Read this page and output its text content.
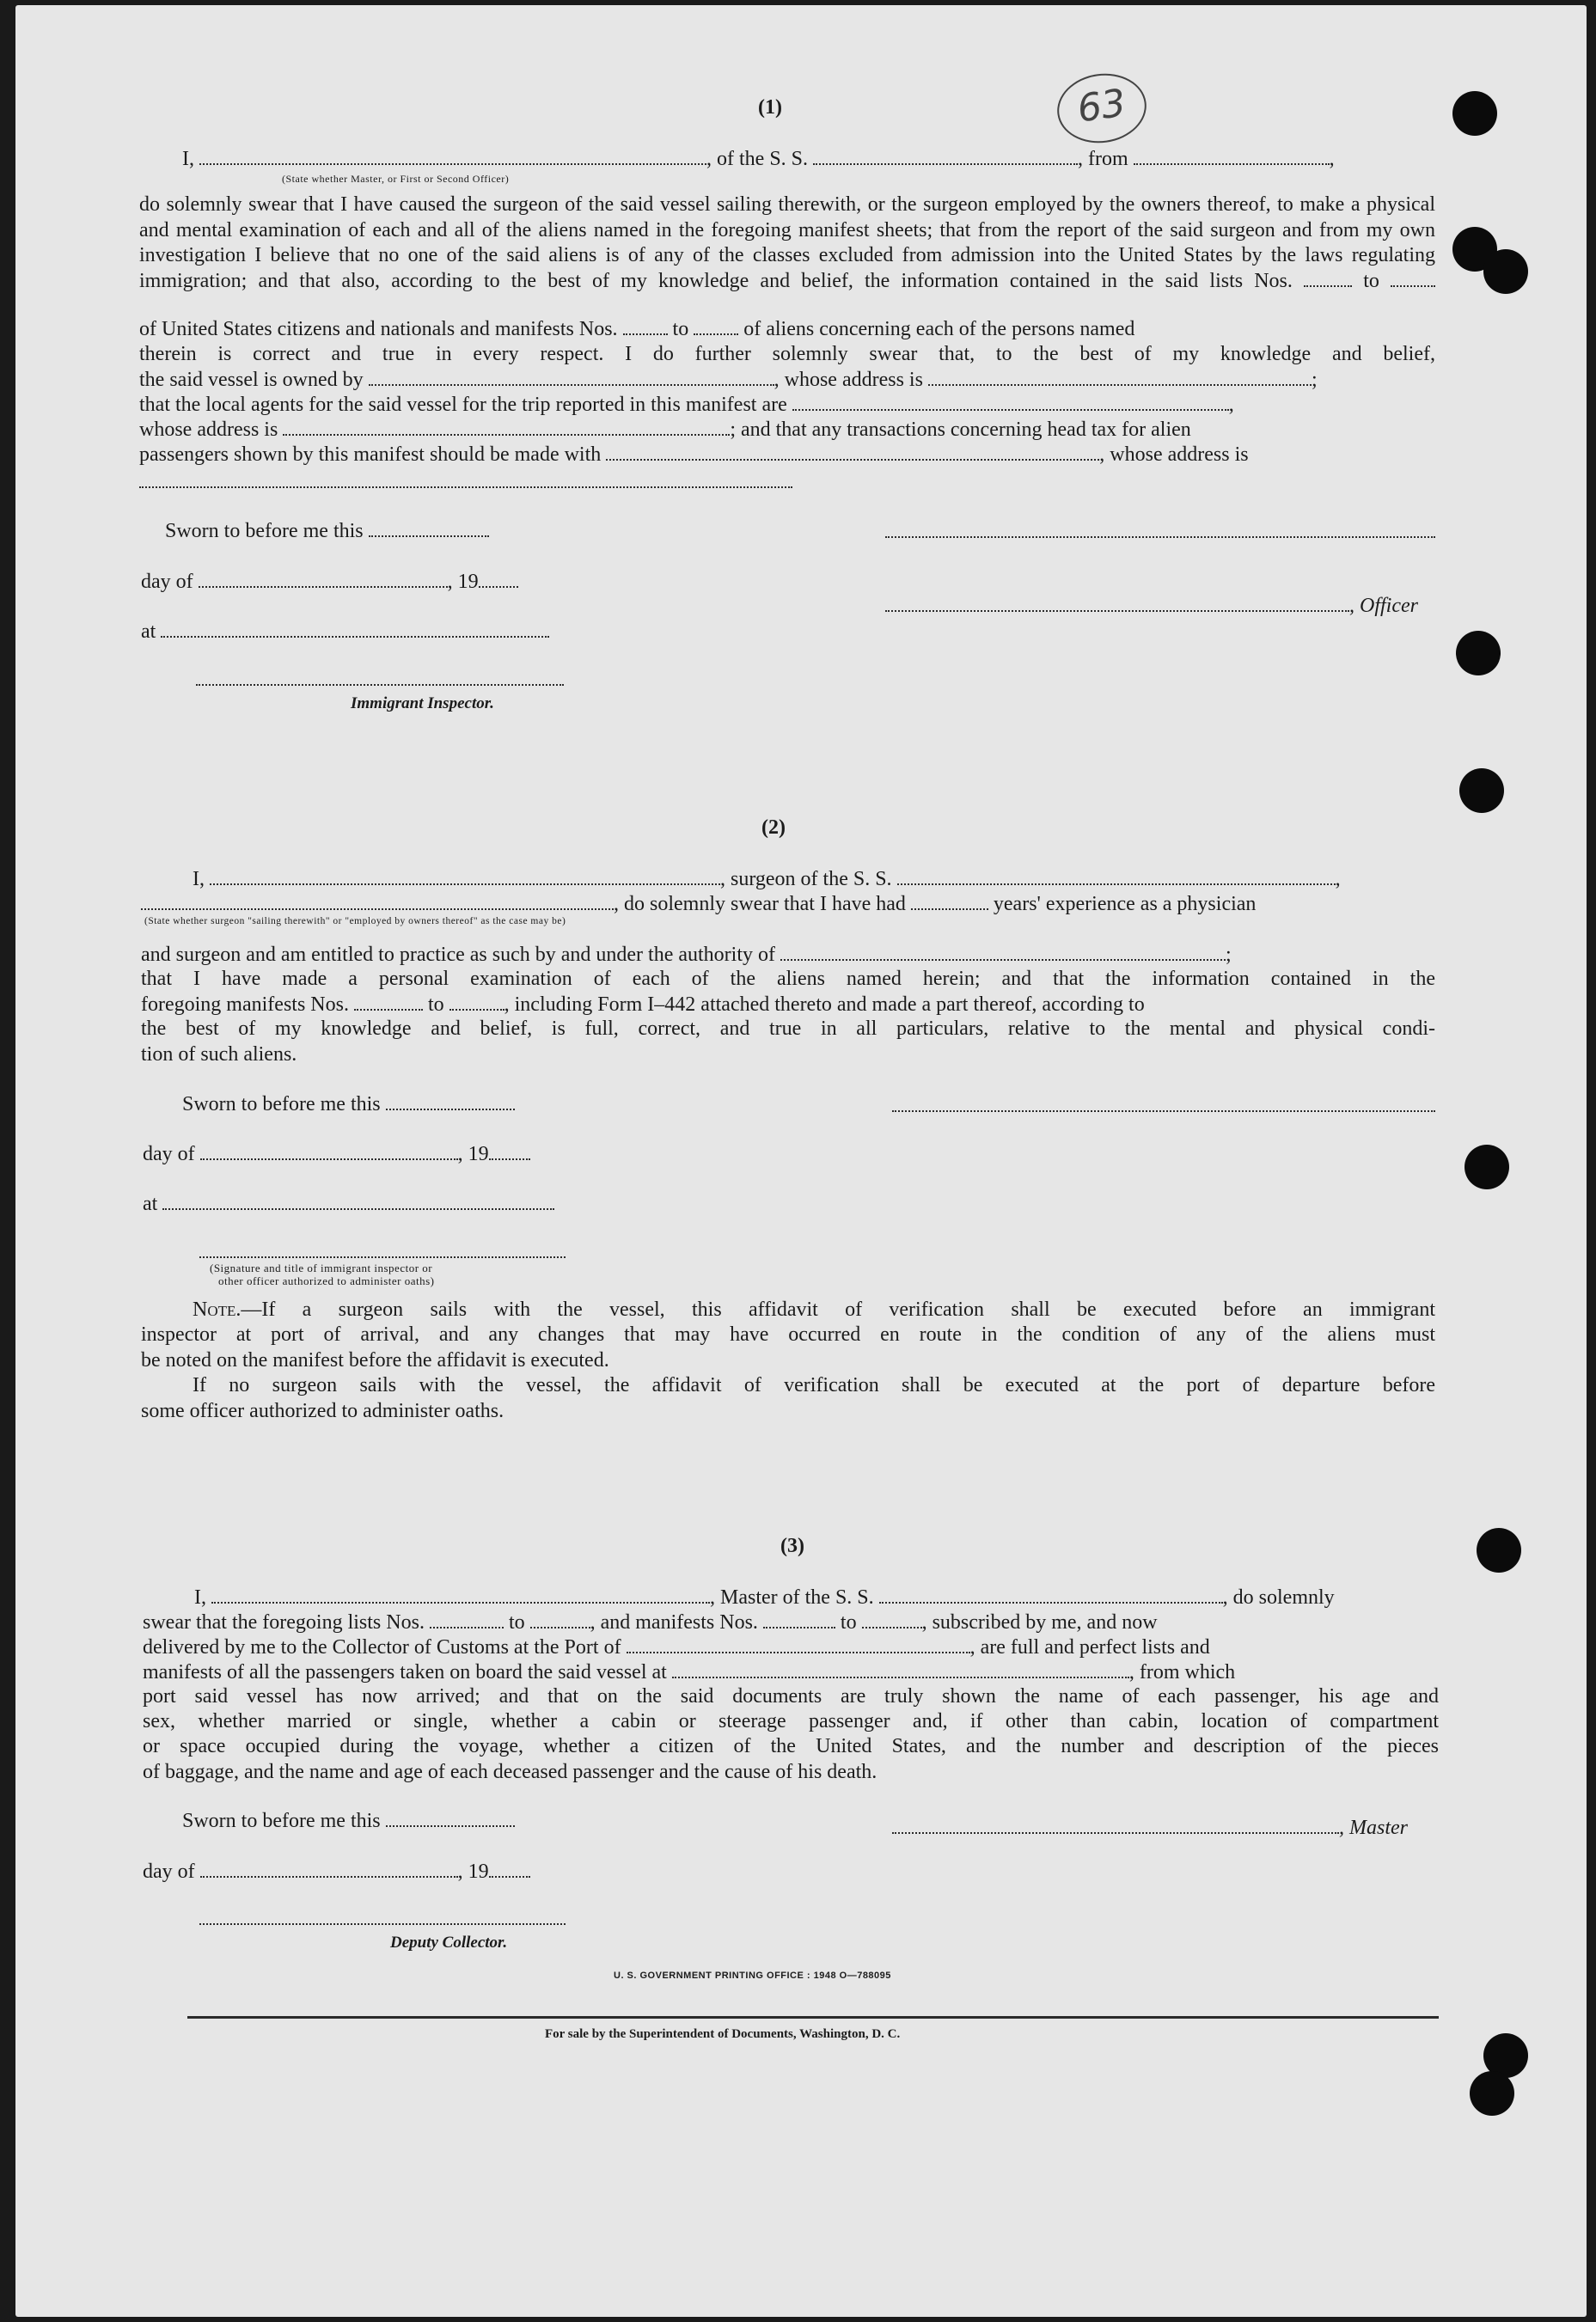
63
(1)
I,	, of the S. S.	, from	,
(State whether Master, or First or Second Officer)
do solemnly swear that I have caused the surgeon of the said vessel sailing therewith, or the surgeon employed by the owners thereof, to make a physical and mental examination of each and all of the aliens named in the foregoing manifest sheets; that from the report of the said surgeon and from my own investigation I believe that no one of the said aliens is of any of the classes excluded from admission into the United States by the laws regulating immigration; and that also, according to the best of my knowledge and belief, the information contained in the said lists Nos.	to
of United States citizens and nationals and manifests Nos.	to	of aliens concerning each of the persons named
therein is correct and true in every respect. I do further solemnly swear that, to the best of my knowledge and belief,
the said vessel is owned by	, whose address is	;
that the local agents for the said vessel for the trip reported in this manifest are	,
whose address is	; and that any transactions concerning head tax for alien
passengers shown by this manifest should be made with	, whose address is
Sworn to before me this
day of	, 19
, Officer
at
Immigrant Inspector.
(2)
I,	, surgeon of the S. S.	,
, do solemnly swear that I have had	years' experience as a physician
(State whether surgeon "sailing therewith" or "employed by owners thereof" as the case may be)
and surgeon and am entitled to practice as such by and under the authority of	;
that I have made a personal examination of each of the aliens named herein; and that the information contained in the
foregoing manifests Nos.	to	, including Form I–442 attached thereto and made a part thereof, according to
the best of my knowledge and belief, is full, correct, and true in all particulars, relative to the mental and physical condi-
tion of such aliens.
Sworn to before me this
day of	, 19
at
(Signature and title of immigrant inspector or
other officer authorized to administer oaths)
Note.—If a surgeon sails with the vessel, this affidavit of verification shall be executed before an immigrant
inspector at port of arrival, and any changes that may have occurred en route in the condition of any of the aliens must
be noted on the manifest before the affidavit is executed.
If no surgeon sails with the vessel, the affidavit of verification shall be executed at the port of departure before
some officer authorized to administer oaths.
(3)
I,	, Master of the S. S.	, do solemnly
swear that the foregoing lists Nos.	to	, and manifests Nos.	to	, subscribed by me, and now
delivered by me to the Collector of Customs at the Port of	, are full and perfect lists and
manifests of all the passengers taken on board the said vessel at	, from which
port said vessel has now arrived; and that on the said documents are truly shown the name of each passenger, his age and
sex, whether married or single, whether a cabin or steerage passenger and, if other than cabin, location of compartment
or space occupied during the voyage, whether a citizen of the United States, and the number and description of the pieces
of baggage, and the name and age of each deceased passenger and the cause of his death.
Sworn to before me this	, Master
day of	, 19
Deputy Collector.
U. S. GOVERNMENT PRINTING OFFICE : 1948 O—788095
For sale by the Superintendent of Documents, Washington, D. C.
